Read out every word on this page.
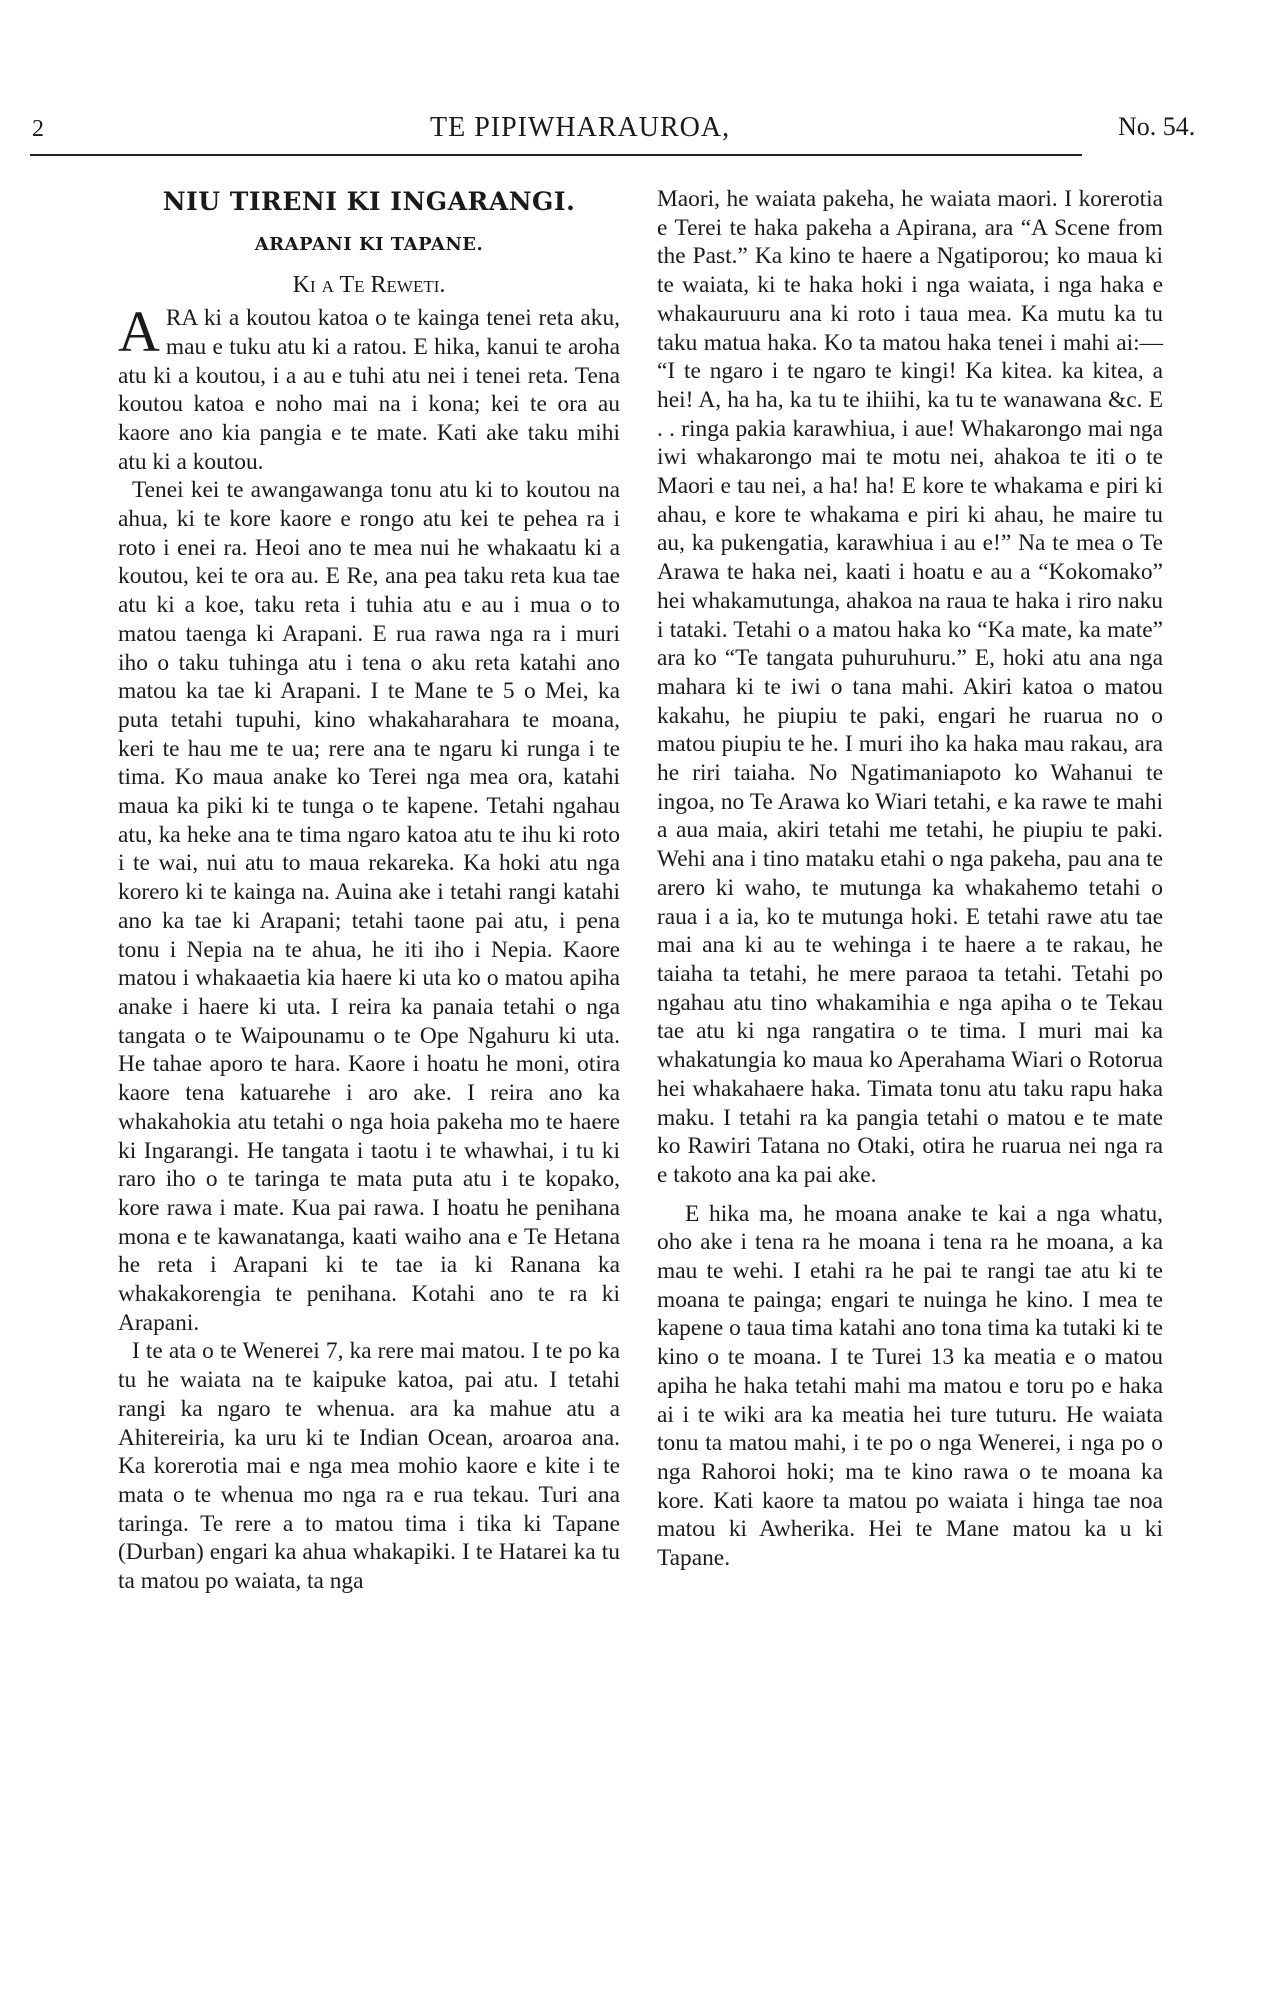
2	TE PIPIWHARAUROA,	No. 54.
NIU TIRENI KI INGARANGI.
ARAPANI KI TAPANE.
Ki a Te Reweti.

ARA ki a koutou katoa o te kainga tenei reta aku, mau e tuku atu ki a ratou. E hika, kanui te aroha atu ki a koutou, i a au e tuhi atu nei i tenei reta. Tena koutou katoa e noho mai na i kona; kei te ora au kaore ano kia pangia e te mate. Kati ake taku mihi atu ki a koutou.

Tenei kei te awangawanga tonu atu ki to koutou na ahua, ki te kore kaore e rongo atu kei te pehea ra i roto i enei ra. Heoi ano te mea nui he whakaatu ki a koutou, kei te ora au. E Re, ana pea taku reta kua tae atu ki a koe, taku reta i tuhia atu e au i mua o to matou taenga ki Arapani. E rua rawa nga ra i muri iho o taku tuhinga atu i tena o aku reta katahi ano matou ka tae ki Arapani. I te Mane te 5 o Mei, ka puta tetahi tupuhi, kino whakaharahara te moana, keri te hau me te ua; rere ana te ngaru ki runga i te tima. Ko maua anake ko Terei nga mea ora, katahi maua ka piki ki te tunga o te kapene. Tetahi ngahau atu, ka heke ana te tima ngaro katoa atu te ihu ki roto i te wai, nui atu to maua rekareka. Ka hoki atu nga korero ki te kainga na. Auina ake i tetahi rangi katahi ano ka tae ki Arapani; tetahi taone pai atu, i pena tonu i Nepia na te ahua, he iti iho i Nepia. Kaore matou i whakaaetia kia haere ki uta ko o matou apiha anake i haere ki uta. I reira ka panaia tetahi o nga tangata o te Waipounamu o te Ope Ngahuru ki uta. He tahae aporo te hara. Kaore i hoatu he moni, otira kaore tena katuarehe i aro ake. I reira ano ka whakahokia atu tetahi o nga hoia pakeha mo te haere ki Ingarangi. He tangata i taotu i te whawhai, i tu ki raro iho o te taringa te mata puta atu i te kopako, kore rawa i mate. Kua pai rawa. I hoatu he penihana mona e te kawanatanga, kaati waiho ana e Te Hetana he reta i Arapani ki te tae ia ki Ranana ka whakakorengia te penihana. Kotahi ano te ra ki Arapani.

I te ata o te Wenerei 7, ka rere mai matou. I te po ka tu he waiata na te kaipuke katoa, pai atu. I tetahi rangi ka ngaro te whenua. ara ka mahue atu a Ahitereiria, ka uru ki te Indian Ocean, aroaroa ana. Ka korerotia mai e nga mea mohio kaore e kite i te mata o te whenua mo nga ra e rua tekau. Turi ana taringa. Te rere a to matou tima i tika ki Tapane (Durban) engari ka ahua whakapiki. I te Hatarei ka tu ta matou po waiata, ta nga

Maori, he waiata pakeha, he waiata maori. I korerotia e Terei te haka pakeha a Apirana, ara “A Scene from the Past.” Ka kino te haere a Ngatiporou; ko maua ki te waiata, ki te haka hoki i nga waiata, i nga haka e whakauruuru ana ki roto i taua mea. Ka mutu ka tu taku matua haka. Ko ta matou haka tenei i mahi ai:— “I te ngaro i te ngaro te kingi! Ka kitea. ka kitea, a hei! A, ha ha, ka tu te ihiihi, ka tu te wanawana &c. E . . ringa pakia karawhiua, i aue! Whakarongo mai nga iwi whakarongo mai te motu nei, ahakoa te iti o te Maori e tau nei, a ha! ha! E kore te whakama e piri ki ahau, e kore te whakama e piri ki ahau, he maire tu au, ka pukengatia, karawhiua i au e!” Na te mea o Te Arawa te haka nei, kaati i hoatu e au a “Kokomako” hei whakamutunga, ahakoa na raua te haka i riro naku i tataki. Tetahi o a matou haka ko “Ka mate, ka mate” ara ko “Te tangata puhuruhuru.” E, hoki atu ana nga mahara ki te iwi o tana mahi. Akiri katoa o matou kakahu, he piupiu te paki, engari he ruarua no o matou piupiu te he. I muri iho ka haka mau rakau, ara he riri taiaha. No Ngatimaniapoto ko Wahanui te ingoa, no Te Arawa ko Wiari tetahi, e ka rawe te mahi a aua maia, akiri tetahi me tetahi, he piupiu te paki. Wehi ana i tino mataku etahi o nga pakeha, pau ana te arero ki waho, te mutunga ka whakahemo tetahi o raua i a ia, ko te mutunga hoki. E tetahi rawe atu tae mai ana ki au te wehinga i te haere a te rakau, he taiaha ta tetahi, he mere paraoa ta tetahi. Tetahi po ngahau atu tino whakamihia e nga apiha o te Tekau tae atu ki nga rangatira o te tima. I muri mai ka whakatungia ko maua ko Aperahama Wiari o Rotorua hei whakahaere haka. Timata tonu atu taku rapu haka maku. I tetahi ra ka pangia tetahi o matou e te mate ko Rawiri Tatana no Otaki, otira he ruarua nei nga ra e takoto ana ka pai ake.

E hika ma, he moana anake te kai a nga whatu, oho ake i tena ra he moana i tena ra he moana, a ka mau te wehi. I etahi ra he pai te rangi tae atu ki te moana te painga; engari te nuinga he kino. I mea te kapene o taua tima katahi ano tona tima ka tutaki ki te kino o te moana. I te Turei 13 ka meatia e o matou apiha he haka tetahi mahi ma matou e toru po e haka ai i te wiki ara ka meatia hei ture tuturu. He waiata tonu ta matou mahi, i te po o nga Wenerei, i nga po o nga Rahoroi hoki; ma te kino rawa o te moana ka kore. Kati kaore ta matou po waiata i hinga tae noa matou ki Awherika. Hei te Mane matou ka u ki Tapane.
